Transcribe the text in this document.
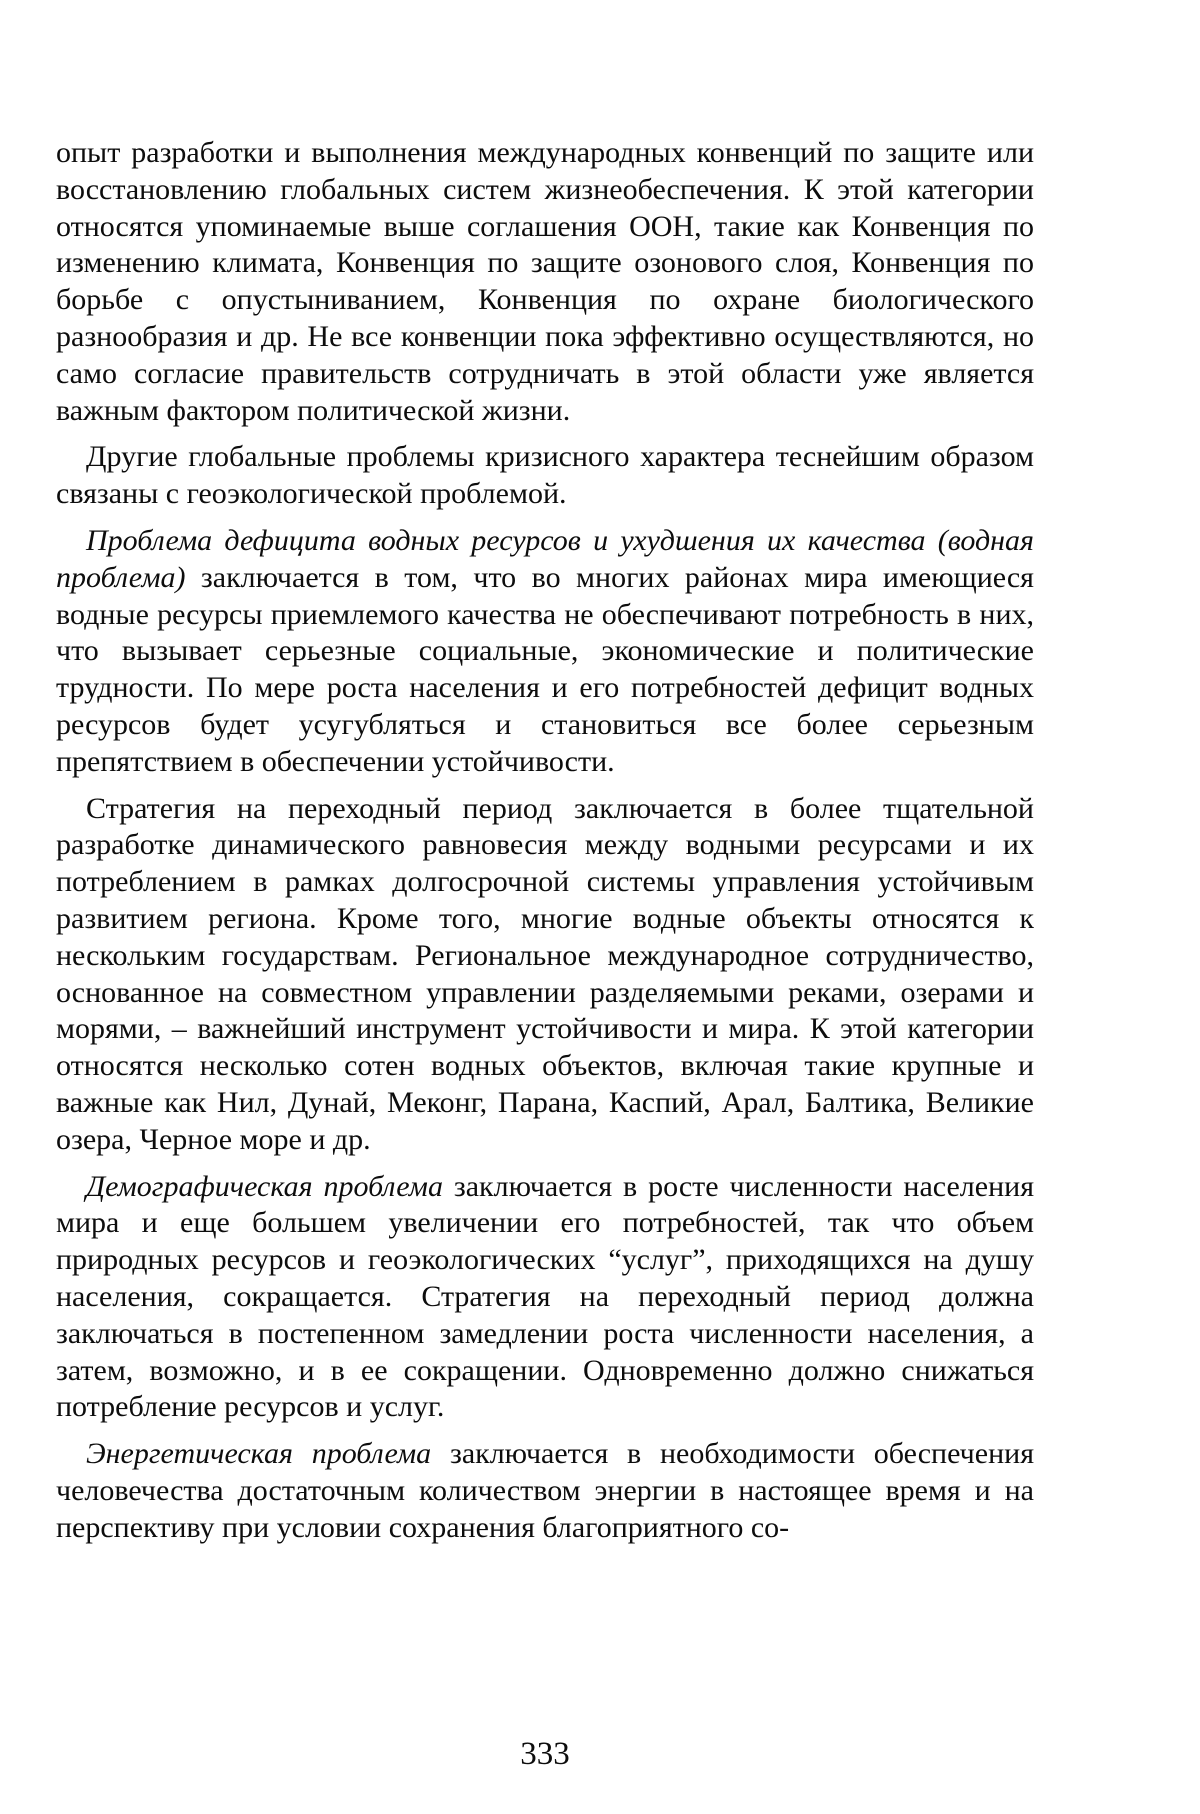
опыт разработки и выполнения международных конвенций по защите или восстановлению глобальных систем жизнеобеспечения. К этой категории относятся упоминаемые выше соглашения ООН, такие как Конвенция по изменению климата, Конвенция по защите озонового слоя, Конвенция по борьбе с опустыниванием, Конвенция по охране биологического разнообразия и др. Не все конвенции пока эффективно осуществляются, но само согласие правительств сотрудничать в этой области уже является важным фактором политической жизни.

Другие глобальные проблемы кризисного характера теснейшим образом связаны с геоэкологической проблемой.

Проблема дефицита водных ресурсов и ухудшения их качества (водная проблема) заключается в том, что во многих районах мира имеющиеся водные ресурсы приемлемого качества не обеспечивают потребность в них, что вызывает серьезные социальные, экономические и политические трудности. По мере роста населения и его потребностей дефицит водных ресурсов будет усугубляться и становиться все более серьезным препятствием в обеспечении устойчивости.

Стратегия на переходный период заключается в более тщательной разработке динамического равновесия между водными ресурсами и их потреблением в рамках долгосрочной системы управления устойчивым развитием региона. Кроме того, многие водные объекты относятся к нескольким государствам. Региональное международное сотрудничество, основанное на совместном управлении разделяемыми реками, озерами и морями, – важнейший инструмент устойчивости и мира. К этой категории относятся несколько сотен водных объектов, включая такие крупные и важные как Нил, Дунай, Меконг, Парана, Каспий, Арал, Балтика, Великие озера, Черное море и др.

Демографическая проблема заключается в росте численности населения мира и еще большем увеличении его потребностей, так что объем природных ресурсов и геоэкологических “услуг”, приходящихся на душу населения, сокращается. Стратегия на переходный период должна заключаться в постепенном замедлении роста численности населения, а затем, возможно, и в ее сокращении. Одновременно должно снижаться потребление ресурсов и услуг.

Энергетическая проблема заключается в необходимости обеспечения человечества достаточным количеством энергии в настоящее время и на перспективу при условии сохранения благоприятного со-

333
